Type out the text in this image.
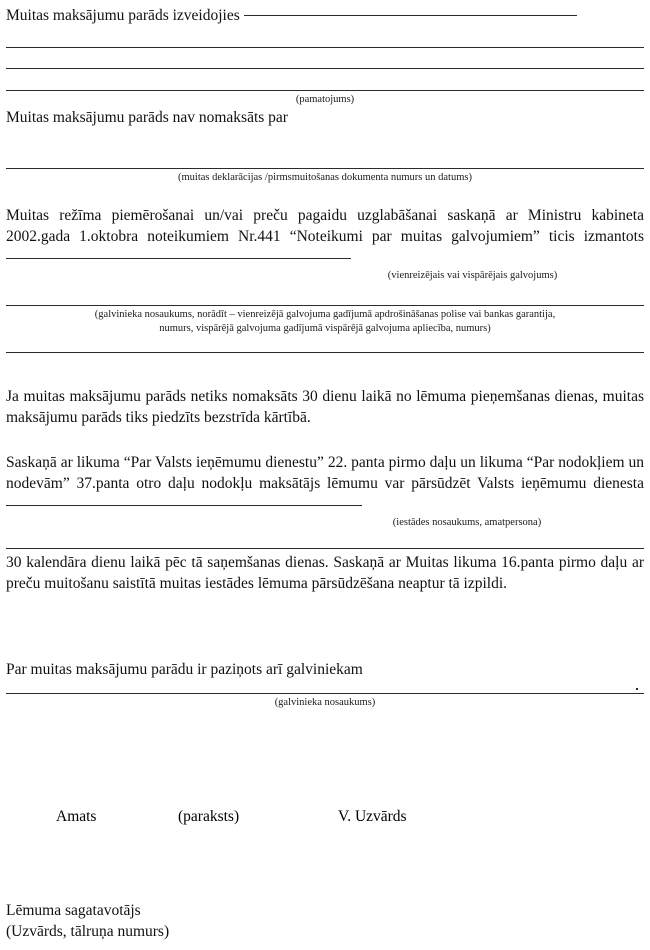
Muitas maksājumu parāds izveidojies
(pamatojums)
Muitas maksājumu parāds nav nomaksāts par
(muitas deklarācijas /pirmsmuitošanas dokumenta numurs un datums)
Muitas režīma piemērošanai un/vai preču pagaidu uzglabāšanai saskaņā ar Ministru kabineta 2002.gada 1.oktobra noteikumiem Nr.441 “Noteikumi par muitas galvojumiem” ticis izmantots
(vienreizējais vai vispārējais galvojums)
(galvinieka nosaukums, norādīt – vienreizējā galvojuma gadījumā apdrošināšanas polise vai bankas garantija,
numurs, vispārējā galvojuma gadījumā vispārējā galvojuma apliecība, numurs)
Ja muitas maksājumu parāds netiks nomaksāts 30 dienu laikā no lēmuma pieņemšanas dienas, muitas maksājumu parāds tiks piedzīts bezstrīda kārtībā.
Saskaņā ar likuma “Par Valsts ieņēmumu dienestu” 22. panta pirmo daļu un likuma “Par nodokļiem un nodevām” 37.panta otro daļu nodokļu maksātājs lēmumu var pārsūdzēt Valsts ieņēmumu dienesta
(iestādes nosaukums, amatpersona)
30 kalendāra dienu laikā pēc tā saņemšanas dienas. Saskaņā ar Muitas likuma 16.panta pirmo daļu ar preču muitošanu saistītā muitas iestādes lēmuma pārsūdzēšana neaptur tā izpildi.
Par muitas maksājumu parādu ir paziņots arī galviniekam
(galvinieka nosaukums)
Amats	(paraksts)	V. Uzvārds
Lēmuma sagatavotājs
(Uzvārds, tālruņa numurs)
